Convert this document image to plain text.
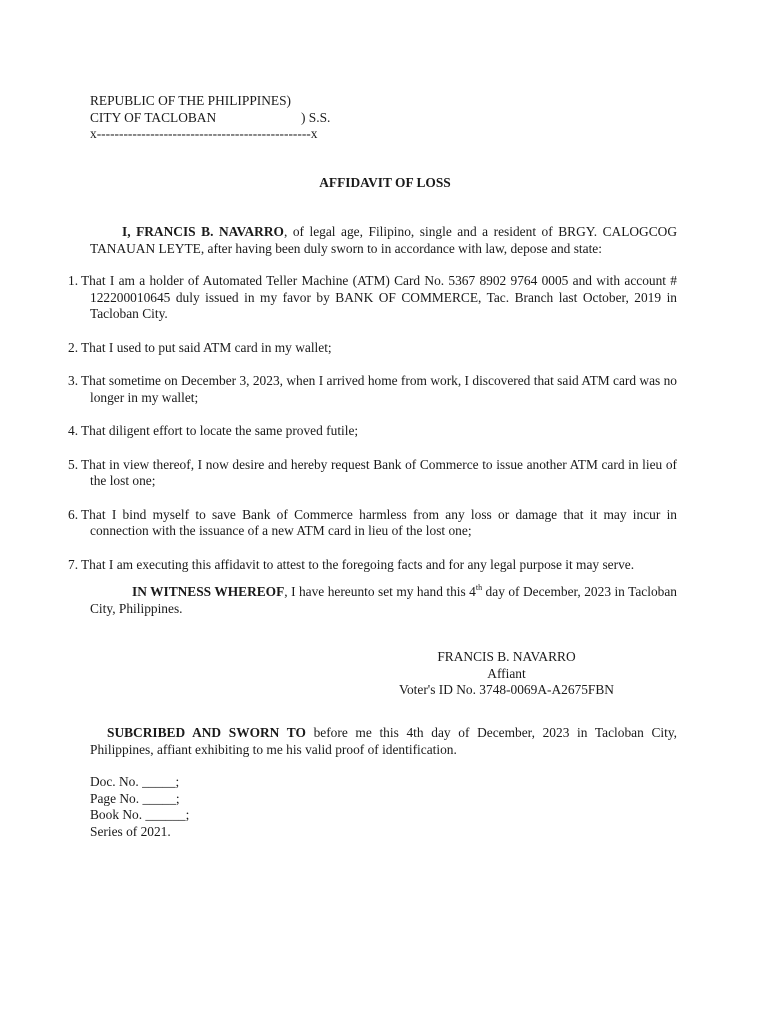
REPUBLIC OF THE PHILIPPINES)
CITY OF TACLOBAN	) S.S.
x------------------------------------------------x
AFFIDAVIT OF LOSS
I, FRANCIS B. NAVARRO, of legal age, Filipino, single and a resident of BRGY. CALOGCOG TANAUAN LEYTE, after having been duly sworn to in accordance with law, depose and state:
1. That I am a holder of Automated Teller Machine (ATM) Card No. 5367 8902 9764 0005 and with account # 122200010645 duly issued in my favor by BANK OF COMMERCE, Tac. Branch last October, 2019 in Tacloban City.
2. That I used to put said ATM card in my wallet;
3. That sometime on December 3, 2023, when I arrived home from work, I discovered that said ATM card was no longer in my wallet;
4. That diligent effort to locate the same proved futile;
5. That in view thereof, I now desire and hereby request Bank of Commerce to issue another ATM card in lieu of the lost one;
6. That I bind myself to save Bank of Commerce harmless from any loss or damage that it may incur in connection with the issuance of a new ATM card in lieu of the lost one;
7. That I am executing this affidavit to attest to the foregoing facts and for any legal purpose it may serve.
IN WITNESS WHEREOF, I have hereunto set my hand this 4th day of December, 2023 in Tacloban City, Philippines.
FRANCIS B. NAVARRO
Affiant
Voter's ID No. 3748-0069A-A2675FBN
SUBCRIBED AND SWORN TO before me this 4th day of December, 2023 in Tacloban City, Philippines, affiant exhibiting to me his valid proof of identification.
Doc. No. _____;
Page No. _____;
Book No. ______;
Series of 2021.
